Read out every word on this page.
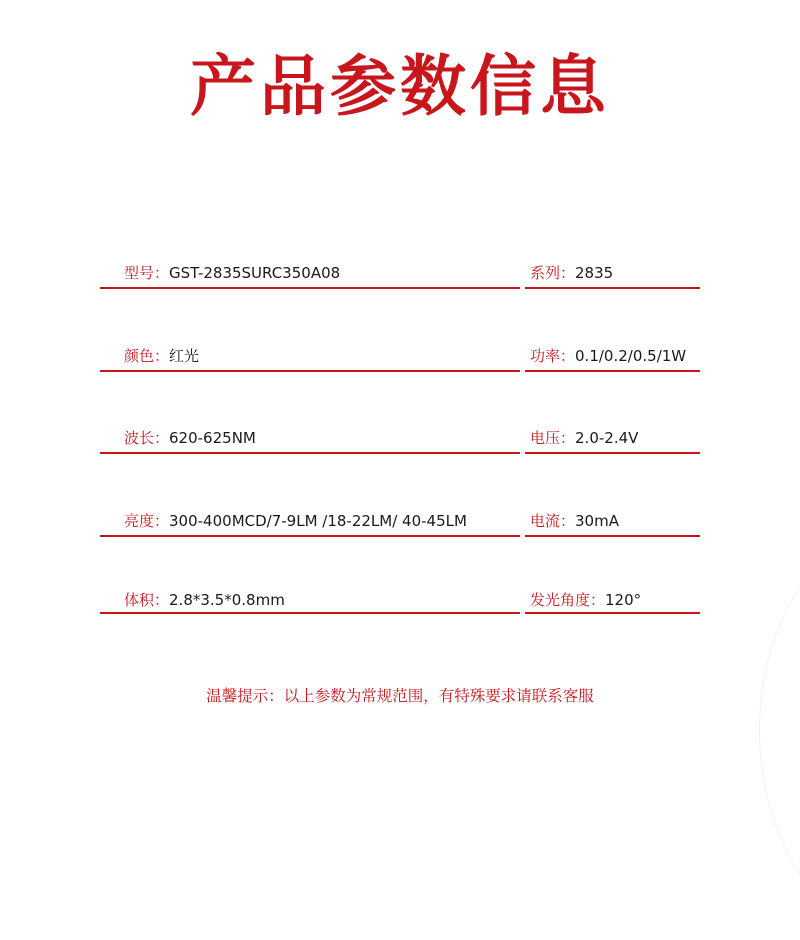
产品参数信息
型号：GST-2835SURC350A08	系列：2835
颜色：红光	功率：0.1/0.2/0.5/1W
波长：620-625NM	电压：2.0-2.4V
亮度：300-400MCD/7-9LM /18-22LM/ 40-45LM	电流：30mA
体积：2.8*3.5*0.8mm	发光角度：120°
温馨提示：以上参数为常规范围，有特殊要求请联系客服
